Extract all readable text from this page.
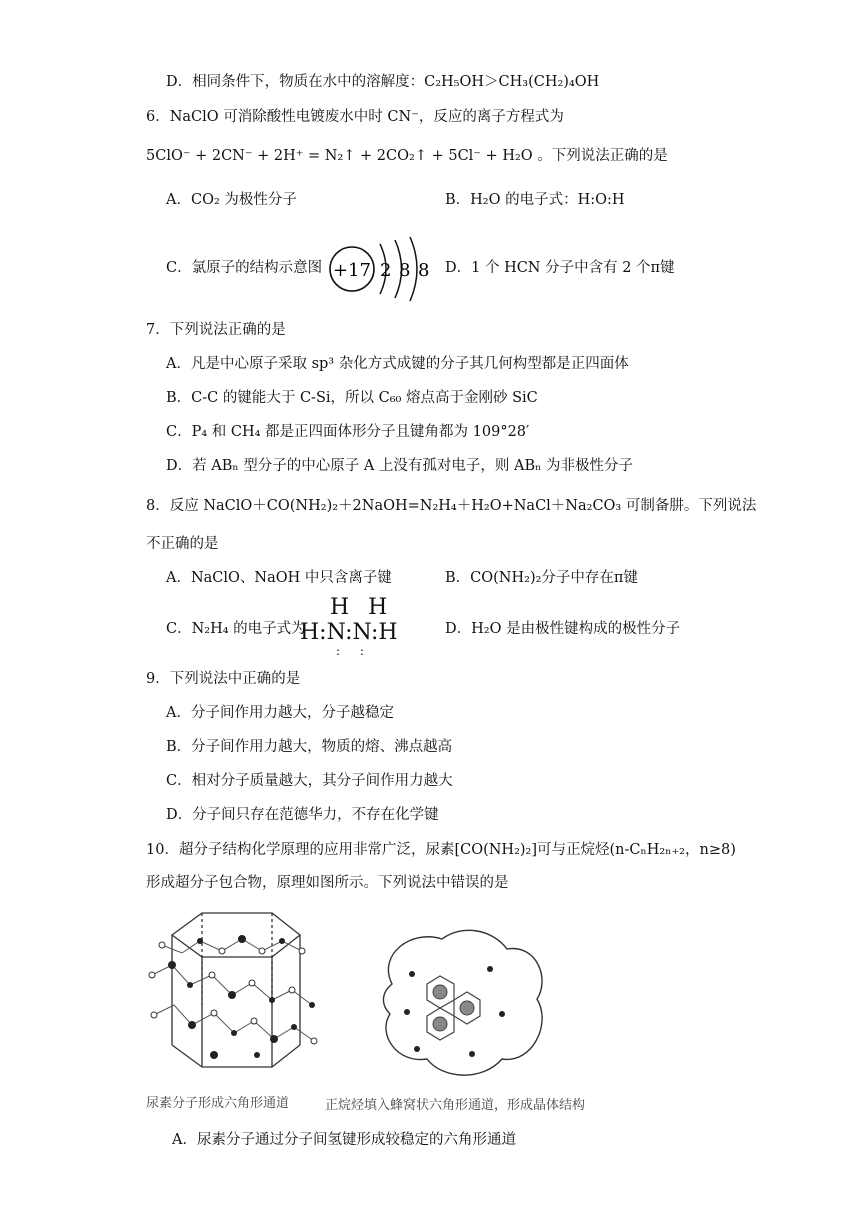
D．相同条件下，物质在水中的溶解度：C₂H₅OH＞CH₃(CH₂)₄OH
6．NaClO 可消除酸性电镀废水中时 CN⁻，反应的离子方程式为
5ClO⁻ + 2CN⁻ + 2H⁺ = N₂↑ + 2CO₂↑ + 5Cl⁻ + H₂O 。下列说法正确的是
A．CO₂ 为极性分子	B．H₂O 的电子式：H:O:H
C．氯原子的结构示意图 +17 2 8 8 D．1 个 HCN 分子中含有 2 个π键
7．下列说法正确的是
A．凡是中心原子采取 sp³ 杂化方式成键的分子其几何构型都是正四面体
B．C-C 的键能大于 C-Si，所以 C₆₀ 熔点高于金刚砂 SiC
C．P₄ 和 CH₄ 都是正四面体形分子且键角都为 109°28′
D．若 ABₙ 型分子的中心原子 A 上没有孤对电子，则 ABₙ 为非极性分子
8．反应 NaClO＋CO(NH₂)₂＋2NaOH=N₂H₄＋H₂O+NaCl＋Na₂CO₃ 可制备肼。下列说法
不正确的是
A．NaClO、NaOH 中只含离子键	B．CO(NH₂)₂分子中存在π键
C．N₂H₄ 的电子式为
H H
H:N:N:H
: :
D．H₂O 是由极性键构成的极性分子
9．下列说法中正确的是
A．分子间作用力越大，分子越稳定
B．分子间作用力越大，物质的熔、沸点越高
C．相对分子质量越大，其分子间作用力越大
D．分子间只存在范德华力，不存在化学键
10．超分子结构化学原理的应用非常广泛，尿素[CO(NH₂)₂]可与正烷烃(n-CₙH₂ₙ₊₂，n≥8)
形成超分子包合物，原理如图所示。下列说法中错误的是
尿素分子形成六角形通道	正烷烃填入蜂窝状六角形通道，形成晶体结构
A．尿素分子通过分子间氢键形成较稳定的六角形通道
